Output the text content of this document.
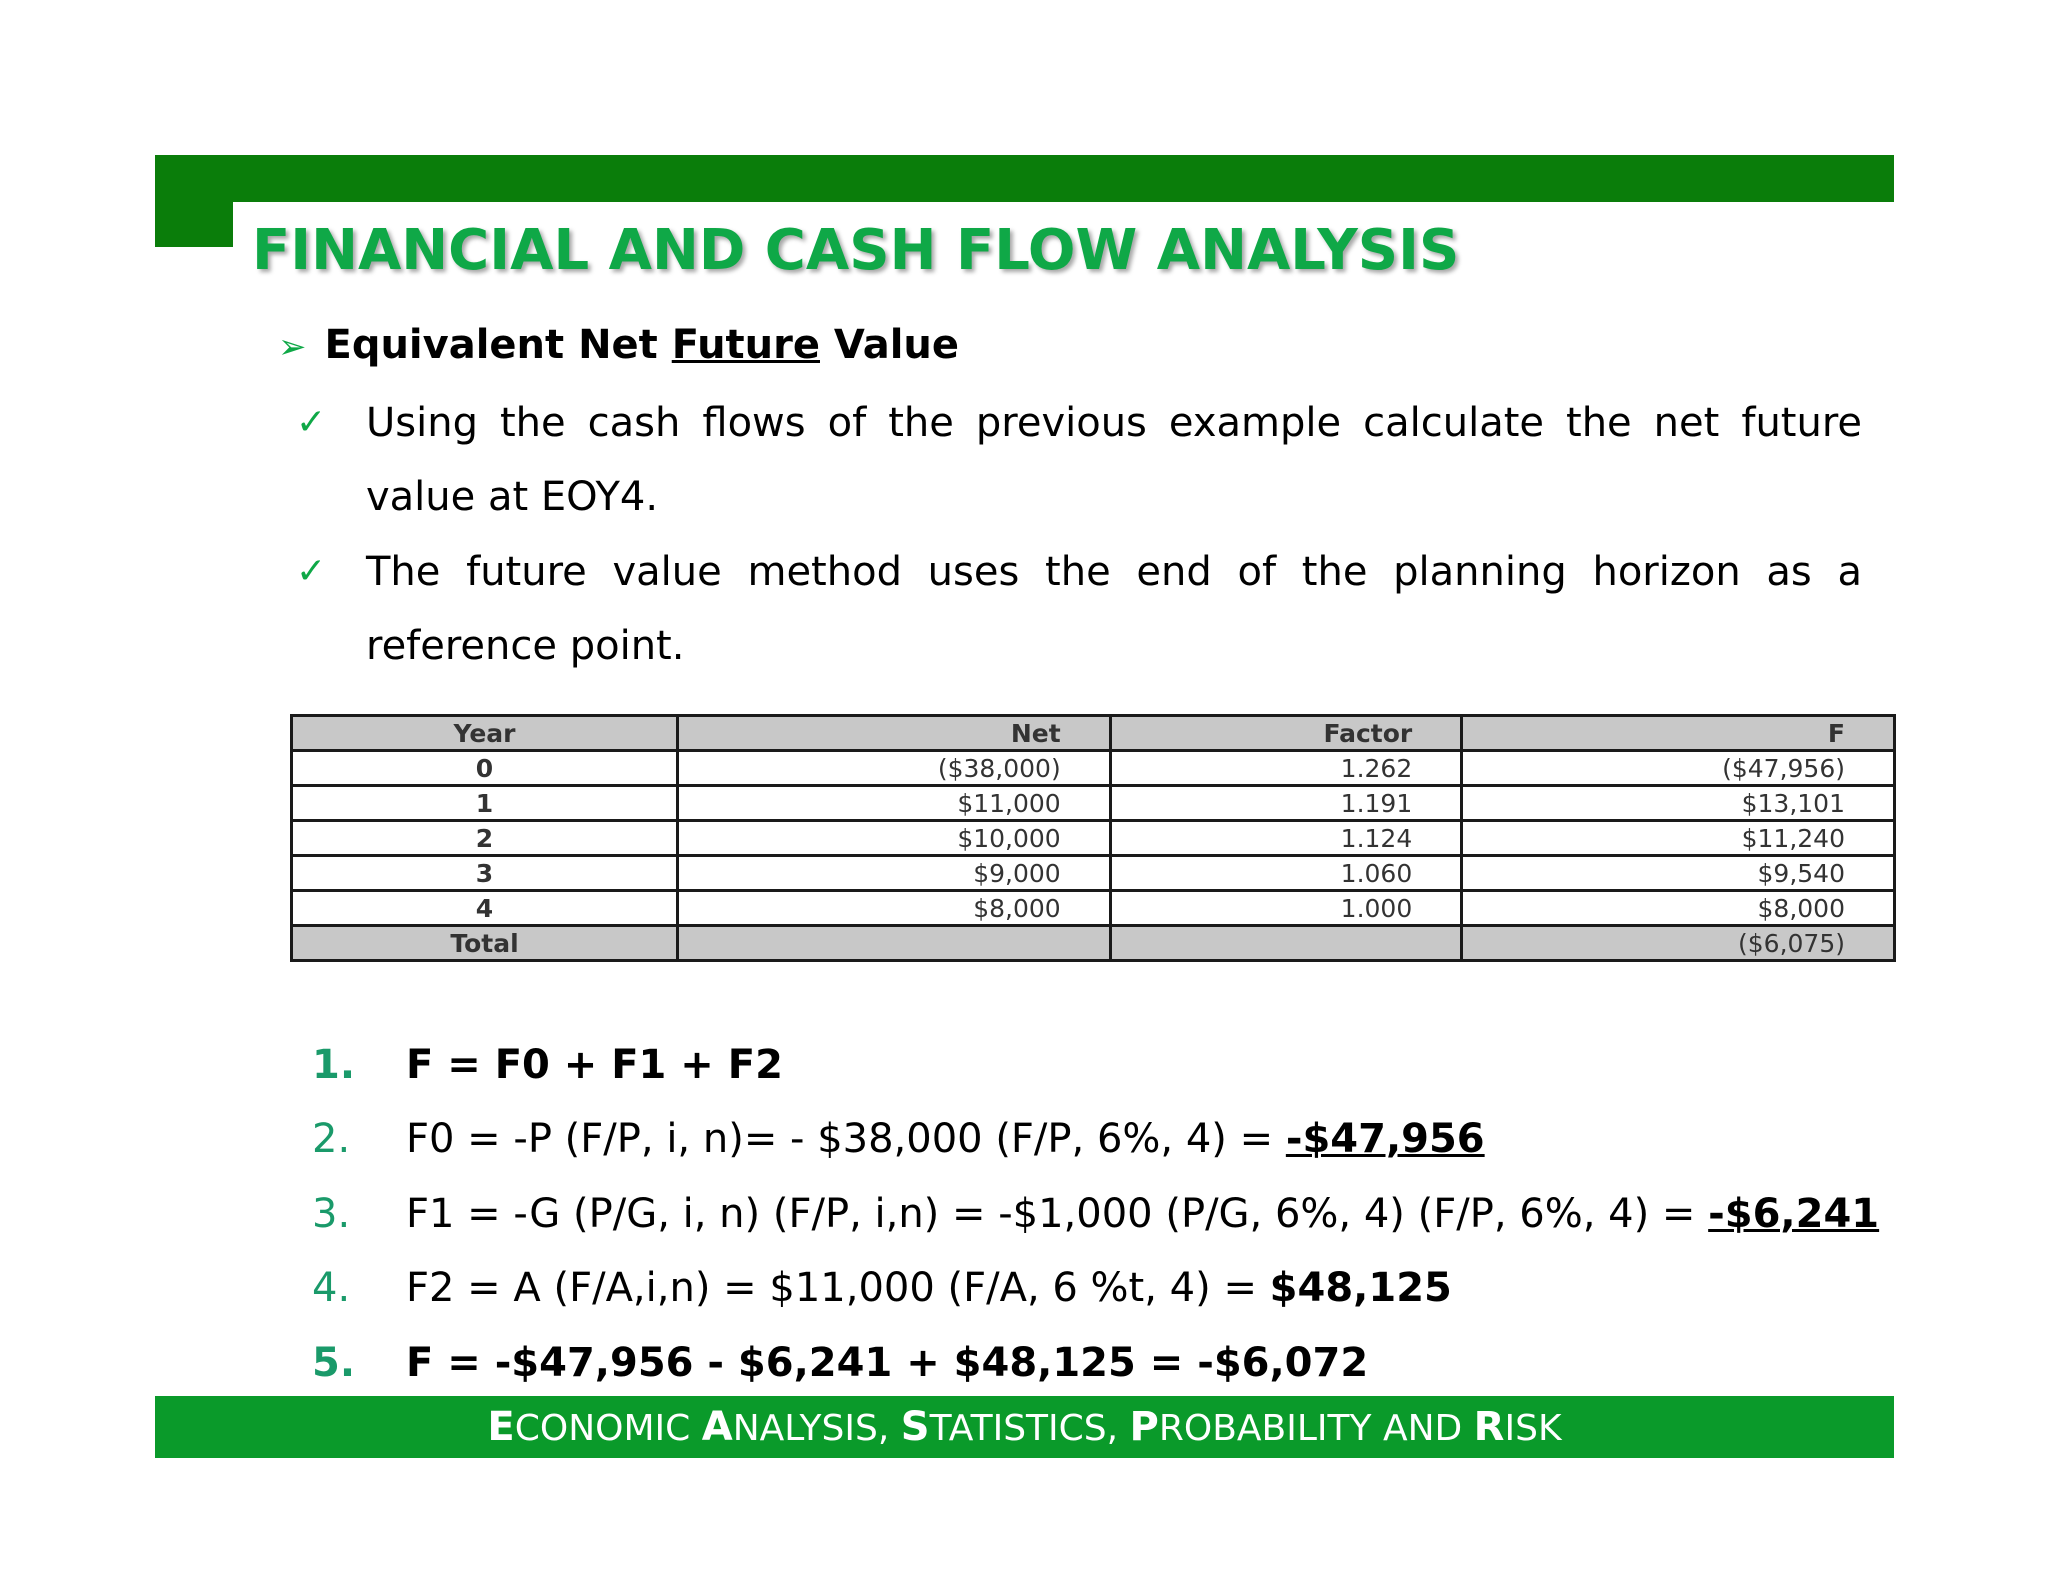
FINANCIAL AND CASH FLOW ANALYSIS
➢ Equivalent Net Future Value
✓ Using the cash flows of the previous example calculate the net future value at EOY4.
✓ The future value method uses the end of the planning horizon as a reference point.
Year	Net	Factor	F
0	($38,000)	1.262	($47,956)
1	$11,000	1.191	$13,101
2	$10,000	1.124	$11,240
3	$9,000	1.060	$9,540
4	$8,000	1.000	$8,000
Total			($6,075)
1. F = F0 + F1 + F2
2. F0 = -P (F/P, i, n)= - $38,000 (F/P, 6%, 4) = -$47,956
3. F1 = -G (P/G, i, n) (F/P, i,n) = -$1,000 (P/G, 6%, 4) (F/P, 6%, 4) = -$6,241
4. F2 = A (F/A,i,n) = $11,000 (F/A, 6 %t, 4) = $48,125
5. F = -$47,956 - $6,241 + $48,125 = -$6,072
ECONOMIC ANALYSIS, STATISTICS, PROBABILITY AND RISK
